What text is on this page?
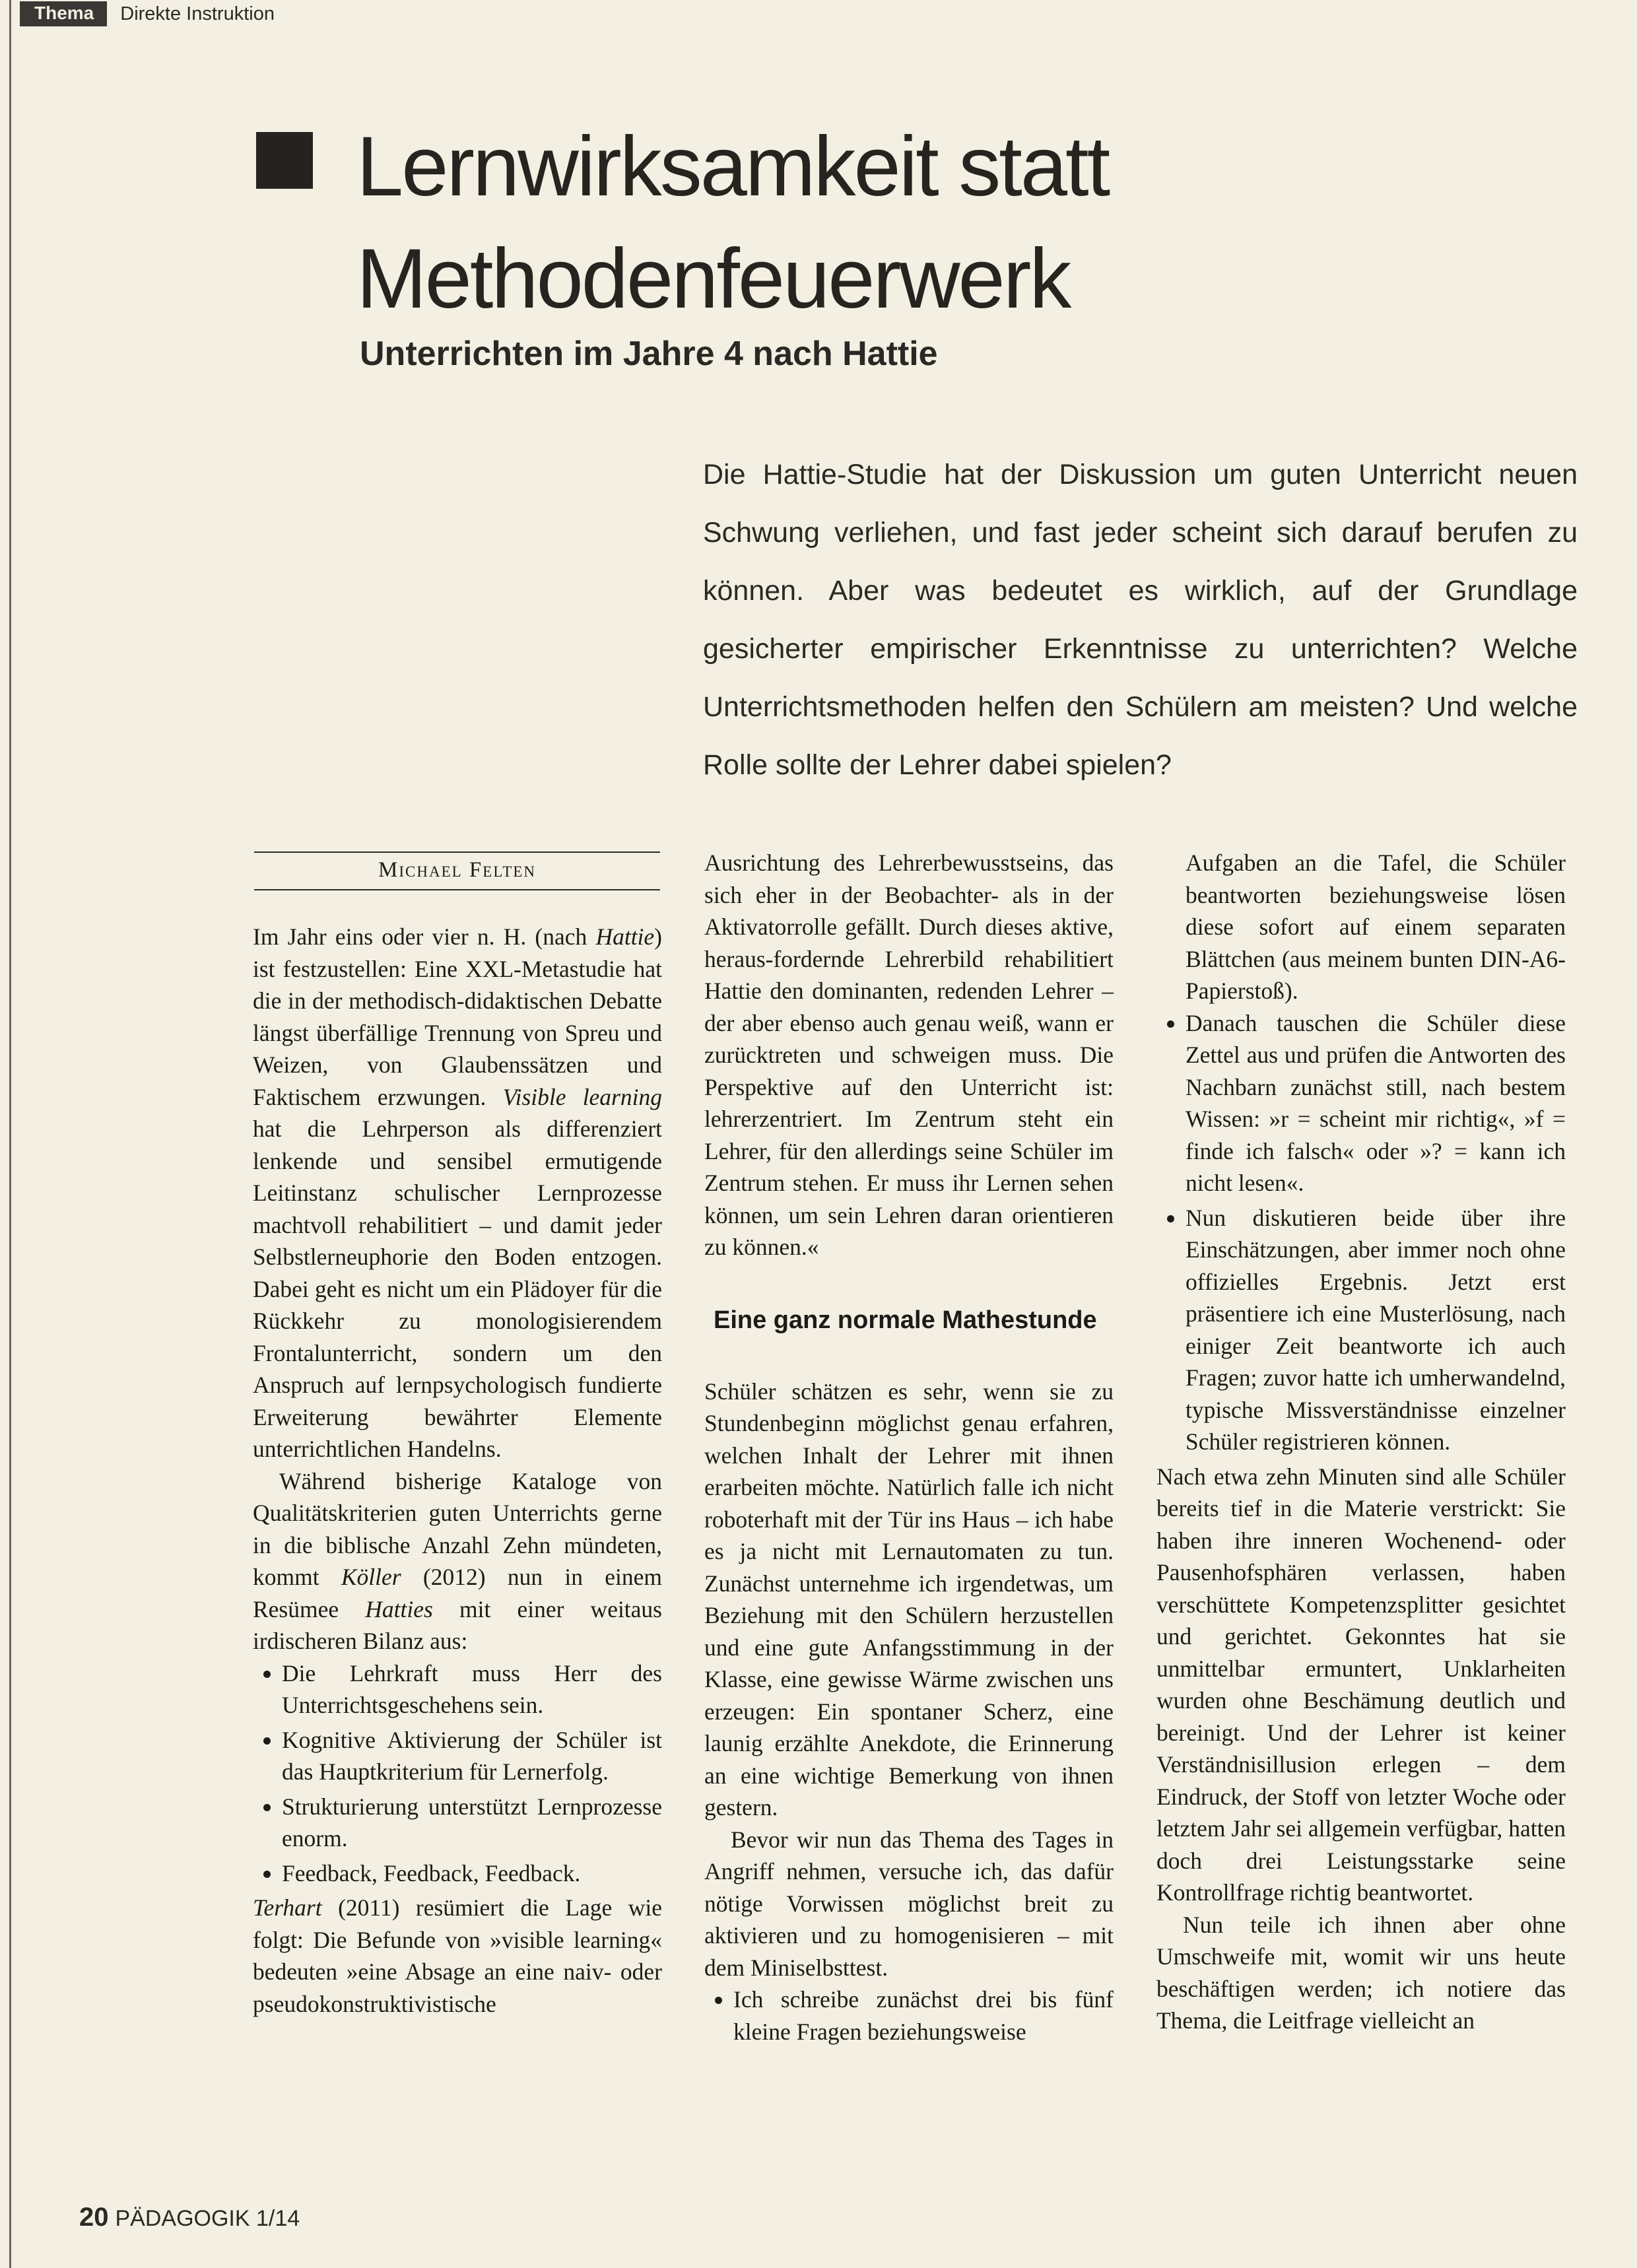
Thema	Direkte Instruktion
Lernwirksamkeit statt
Methodenfeuerwerk
Unterrichten im Jahre 4 nach Hattie

Die Hattie-Studie hat der Diskussion um guten Unterricht neuen Schwung verliehen, und fast jeder scheint sich darauf berufen zu können. Aber was bedeutet es wirklich, auf der Grundlage gesicherter empirischer Erkenntnisse zu unterrichten? Welche Unterrichtsmethoden helfen den Schülern am meisten? Und welche Rolle sollte der Lehrer dabei spielen?

Michael Felten

Im Jahr eins oder vier n. H. (nach Hattie) ist festzustellen: Eine XXL-Metastudie hat die in der methodisch-didaktischen Debatte längst überfällige Trennung von Spreu und Weizen, von Glaubenssätzen und Faktischem erzwungen. Visible learning hat die Lehrperson als differenziert lenkende und sensibel ermutigende Leitinstanz schulischer Lernprozesse machtvoll rehabilitiert – und damit jeder Selbstlerneuphorie den Boden entzogen. Dabei geht es nicht um ein Plädoyer für die Rückkehr zu monologisierendem Frontalunterricht, sondern um den Anspruch auf lernpsychologisch fundierte Erweiterung bewährter Elemente unterrichtlichen Handelns.

Während bisherige Kataloge von Qualitätskriterien guten Unterrichts gerne in die biblische Anzahl Zehn mündeten, kommt Köller (2012) nun in einem Resümee Hatties mit einer weitaus irdischeren Bilanz aus:

• Die Lehrkraft muss Herr des Unterrichtsgeschehens sein.
• Kognitive Aktivierung der Schüler ist das Hauptkriterium für Lernerfolg.
• Strukturierung unterstützt Lernprozesse enorm.
• Feedback, Feedback, Feedback.

Terhart (2011) resümiert die Lage wie folgt: Die Befunde von »visible learning« bedeuten »eine Absage an eine naiv- oder pseudokonstruktivistische

Ausrichtung des Lehrerbewusstseins, das sich eher in der Beobachter- als in der Aktivatorrolle gefällt. Durch dieses aktive, heraus-fordernde Lehrerbild rehabilitiert Hattie den dominanten, redenden Lehrer – der aber ebenso auch genau weiß, wann er zurücktreten und schweigen muss. Die Perspektive auf den Unterricht ist: lehrerzentriert. Im Zentrum steht ein Lehrer, für den allerdings seine Schüler im Zentrum stehen. Er muss ihr Lernen sehen können, um sein Lehren daran orientieren zu können.«

Eine ganz normale Mathestunde

Schüler schätzen es sehr, wenn sie zu Stundenbeginn möglichst genau erfahren, welchen Inhalt der Lehrer mit ihnen erarbeiten möchte. Natürlich falle ich nicht roboterhaft mit der Tür ins Haus – ich habe es ja nicht mit Lernautomaten zu tun. Zunächst unternehme ich irgendetwas, um Beziehung mit den Schülern herzustellen und eine gute Anfangsstimmung in der Klasse, eine gewisse Wärme zwischen uns erzeugen: Ein spontaner Scherz, eine launig erzählte Anekdote, die Erinnerung an eine wichtige Bemerkung von ihnen gestern.

Bevor wir nun das Thema des Tages in Angriff nehmen, versuche ich, das dafür nötige Vorwissen möglichst breit zu aktivieren und zu homogenisieren – mit dem Miniselbsttest.

• Ich schreibe zunächst drei bis fünf kleine Fragen beziehungsweise

Aufgaben an die Tafel, die Schüler beantworten beziehungsweise lösen diese sofort auf einem separaten Blättchen (aus meinem bunten DIN-A6-Papierstoß).

• Danach tauschen die Schüler diese Zettel aus und prüfen die Antworten des Nachbarn zunächst still, nach bestem Wissen: »r = scheint mir richtig«, »f = finde ich falsch« oder »? = kann ich nicht lesen«.
• Nun diskutieren beide über ihre Einschätzungen, aber immer noch ohne offizielles Ergebnis. Jetzt erst präsentiere ich eine Musterlösung, nach einiger Zeit beantworte ich auch Fragen; zuvor hatte ich umherwandelnd, typische Missverständnisse einzelner Schüler registrieren können.

Nach etwa zehn Minuten sind alle Schüler bereits tief in die Materie verstrickt: Sie haben ihre inneren Wochenend- oder Pausenhofsphären verlassen, haben verschüttete Kompetenzsplitter gesichtet und gerichtet. Gekonntes hat sie unmittelbar ermuntert, Unklarheiten wurden ohne Beschämung deutlich und bereinigt. Und der Lehrer ist keiner Verständnisillusion erlegen – dem Eindruck, der Stoff von letzter Woche oder letztem Jahr sei allgemein verfügbar, hatten doch drei Leistungsstarke seine Kontrollfrage richtig beantwortet.

Nun teile ich ihnen aber ohne Umschweife mit, womit wir uns heute beschäftigen werden; ich notiere das Thema, die Leitfrage vielleicht an

20 PÄDAGOGIK 1/14
